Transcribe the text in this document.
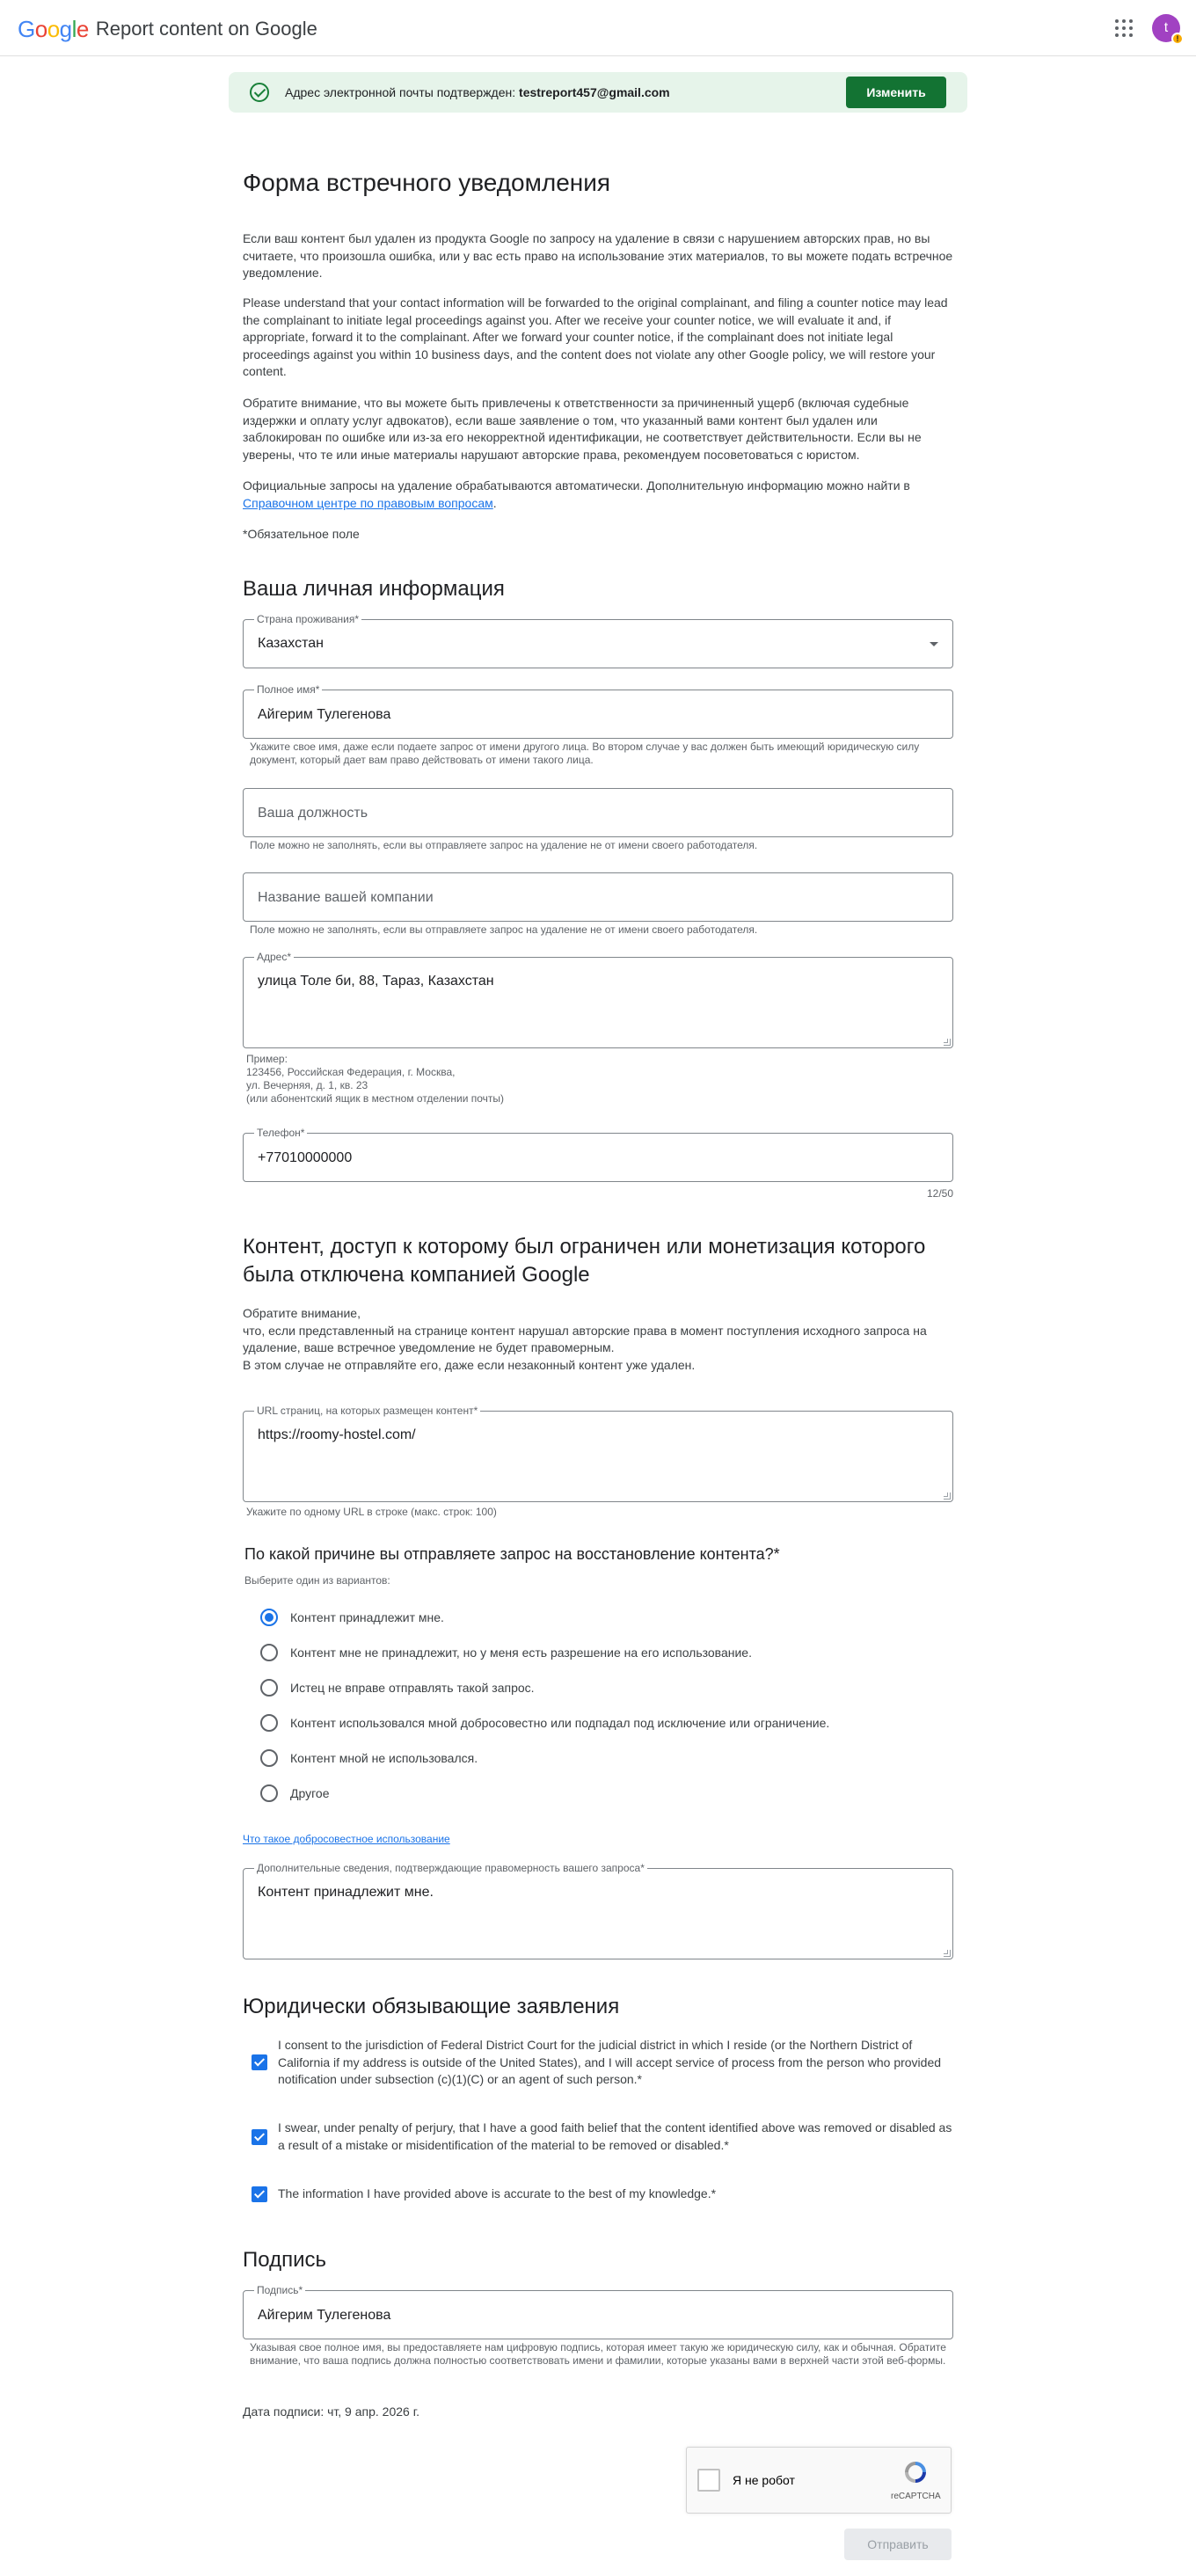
Google Report content on Google	t
!
Адрес электронной почты подтвержден: testreport457@gmail.com	Изменить
Форма встречного уведомления
Если ваш контент был удален из продукта Google по запросу на удаление в связи с нарушением авторских прав, но вы считаете, что произошла ошибка, или у вас есть право на использование этих материалов, то вы можете подать встречное уведомление.
Please understand that your contact information will be forwarded to the original complainant, and filing a counter notice may lead the complainant to initiate legal proceedings against you. After we receive your counter notice, we will evaluate it and, if appropriate, forward it to the complainant. After we forward your counter notice, if the complainant does not initiate legal proceedings against you within 10 business days, and the content does not violate any other Google policy, we will restore your content.
Обратите внимание, что вы можете быть привлечены к ответственности за причиненный ущерб (включая судебные издержки и оплату услуг адвокатов), если ваше заявление о том, что указанный вами контент был удален или заблокирован по ошибке или из-за его некорректной идентификации, не соответствует действительности. Если вы не уверены, что те или иные материалы нарушают авторские права, рекомендуем посоветоваться с юристом.
Официальные запросы на удаление обрабатываются автоматически. Дополнительную информацию можно найти в Справочном центре по правовым вопросам.
*Обязательное поле
Ваша личная информация
Страна проживания*
Казахстан
Полное имя*
Айгерим Тулегенова
Укажите свое имя, даже если подаете запрос от имени другого лица. Во втором случае у вас должен быть имеющий юридическую силу документ, который дает вам право действовать от имени такого лица.
Ваша должность
Поле можно не заполнять, если вы отправляете запрос на удаление не от имени своего работодателя.
Название вашей компании
Поле можно не заполнять, если вы отправляете запрос на удаление не от имени своего работодателя.
Адрес*
улица Толе би, 88, Тараз, Казахстан
Пример:
123456, Российская Федерация, г. Москва,
ул. Вечерняя, д. 1, кв. 23
(или абонентский ящик в местном отделении почты)
Телефон*
+77010000000
12/50
Контент, доступ к которому был ограничен или монетизация которого была отключена компанией Google
Обратите внимание,
что, если представленный на странице контент нарушал авторские права в момент поступления исходного запроса на удаление, ваше встречное уведомление не будет правомерным.
В этом случае не отправляйте его, даже если незаконный контент уже удален.
URL страниц, на которых размещен контент*
https://roomy-hostel.com/
Укажите по одному URL в строке (макс. строк: 100)
По какой причине вы отправляете запрос на восстановление контента?*
Выберите один из вариантов:
Контент принадлежит мне.
Контент мне не принадлежит, но у меня есть разрешение на его использование.
Истец не вправе отправлять такой запрос.
Контент использовался мной добросовестно или подпадал под исключение или ограничение.
Контент мной не использовался.
Другое
Что такое добросовестное использование
Дополнительные сведения, подтверждающие правомерность вашего запроса*
Контент принадлежит мне.
Юридически обязывающие заявления
I consent to the jurisdiction of Federal District Court for the judicial district in which I reside (or the Northern District of California if my address is outside of the United States), and I will accept service of process from the person who provided notification under subsection (c)(1)(C) or an agent of such person.*
I swear, under penalty of perjury, that I have a good faith belief that the content identified above was removed or disabled as a result of a mistake or misidentification of the material to be removed or disabled.*
The information I have provided above is accurate to the best of my knowledge.*
Подпись
Подпись*
Айгерим Тулегенова
Указывая свое полное имя, вы предоставляете нам цифровую подпись, которая имеет такую же юридическую силу, как и обычная. Обратите внимание, что ваша подпись должна полностью соответствовать имени и фамилии, которые указаны вами в верхней части этой веб-формы.
Дата подписи: чт, 9 апр. 2026 г.
Я не робот
reCAPTCHA
Отправить
